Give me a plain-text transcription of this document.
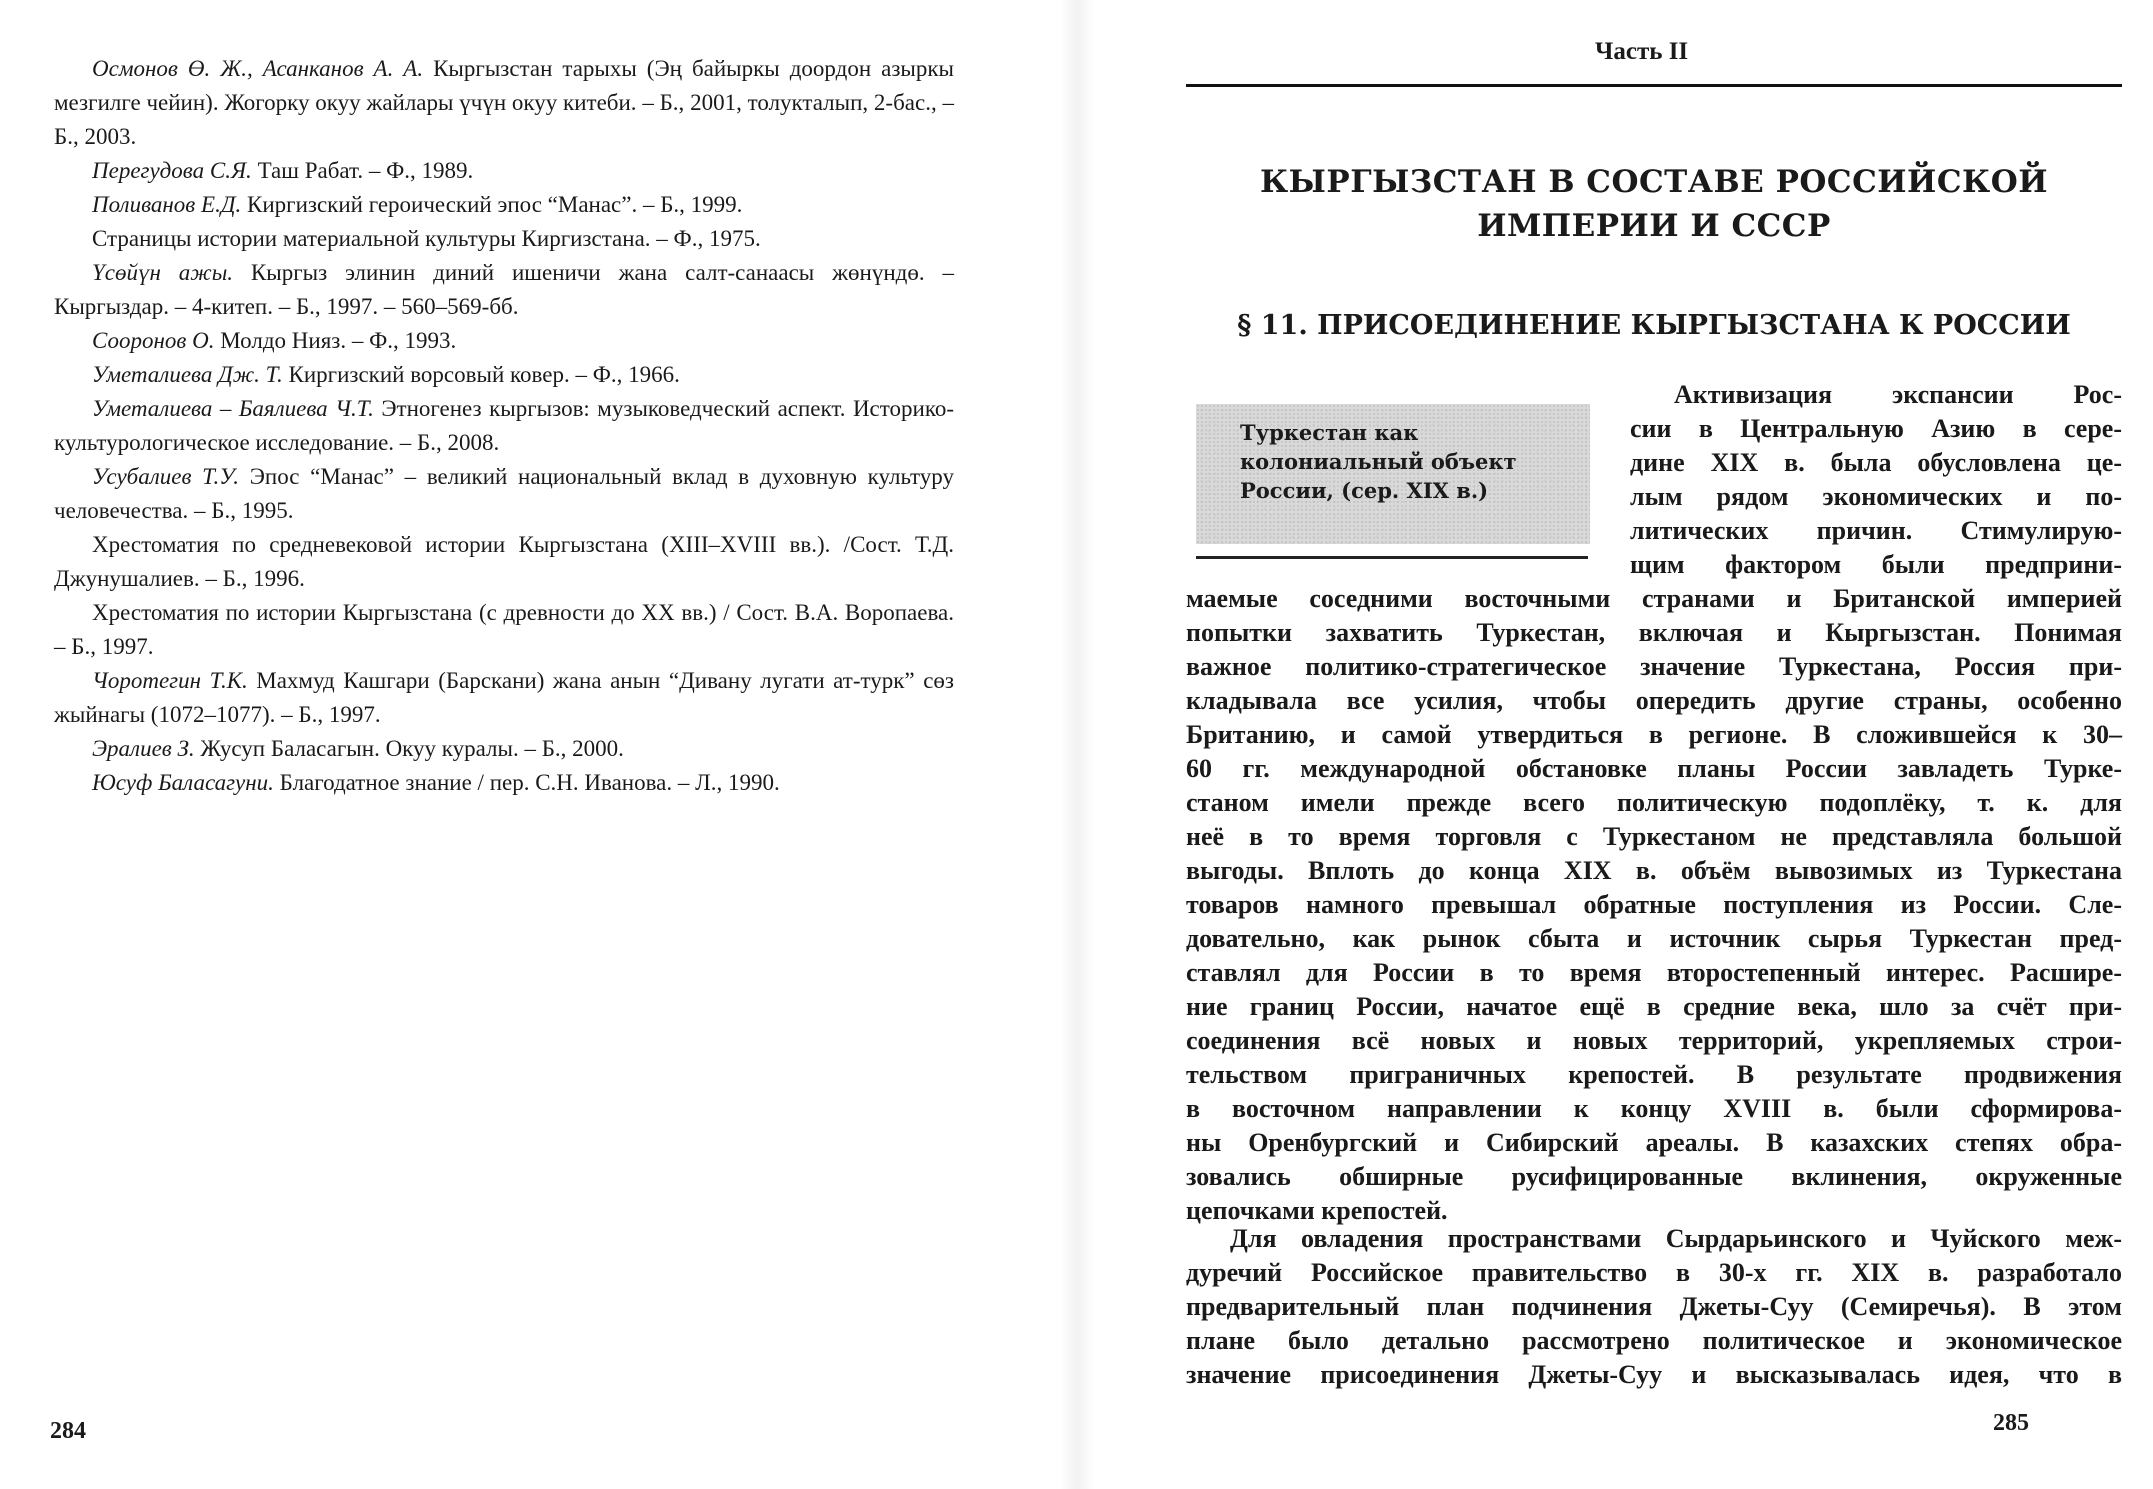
Осмонов Ө. Ж., Асанканов А. А. Кыргызстан тарыхы (Эң байыркы доордон азыркы мезгилге чейин). Жогорку окуу жайлары үчүн окуу китеби. – Б., 2001, толукталып, 2-бас., – Б., 2003.
Перегудова С.Я. Таш Рабат. – Ф., 1989.
Поливанов Е.Д. Киргизский героический эпос “Манас”. – Б., 1999.
Страницы истории материальной культуры Киргизстана. – Ф., 1975.
Үсөйүн ажы. Кыргыз элинин диний ишеничи жана салт-санаасы жөнүндө. – Кыргыздар. – 4-китеп. – Б., 1997. – 560–569-бб.
Сооронов О. Молдо Нияз. – Ф., 1993.
Уметалиева Дж. Т. Киргизский ворсовый ковер. – Ф., 1966.
Уметалиева – Баялиева Ч.Т. Этногенез кыргызов: музыковедческий аспект. Историко-культурологическое исследование. – Б., 2008.
Усубалиев Т.У. Эпос “Манас” – великий национальный вклад в духовную культуру человечества. – Б., 1995.
Хрестоматия по средневековой истории Кыргызстана (XIII–XVIII вв.). /Сост. Т.Д. Джунушалиев. – Б., 1996.
Хрестоматия по истории Кыргызстана (с древности до XX вв.) / Сост. В.А. Воропаева. – Б., 1997.
Чоротегин Т.К. Махмуд Кашгари (Барскани) жана анын “Дивану лугати ат-турк” сөз жыйнагы (1072–1077). – Б., 1997.
Эралиев З. Жусуп Баласагын. Окуу куралы. – Б., 2000.
Юсуф Баласагуни. Благодатное знание / пер. С.Н. Иванова. – Л., 1990.
284
Часть II
КЫРГЫЗСТАН В СОСТАВЕ РОССИЙСКОЙ
ИМПЕРИИ И СССР
§ 11. ПРИСОЕДИНЕНИЕ КЫРГЫЗСТАНА К РОССИИ
Туркестан как колониальный объект России, (сер. XIX в.)
Активизация экспансии Рос-
сии в Центральную Азию в сере-
дине XIX в. была обусловлена це-
лым рядом экономических и по-
литических причин. Стимулирую-
щим фактором были предприни-
маемые соседними восточными странами и Британской империей
попытки захватить Туркестан, включая и Кыргызстан. Понимая
важное политико-стратегическое значение Туркестана, Россия при-
кладывала все усилия, чтобы опередить другие страны, особенно
Британию, и самой утвердиться в регионе. В сложившейся к 30–
60 гг. международной обстановке планы России завладеть Турке-
станом имели прежде всего политическую подоплёку, т. к. для
неё в то время торговля с Туркестаном не представляла большой
выгоды. Вплоть до конца XIX в. объём вывозимых из Туркестана
товаров намного превышал обратные поступления из России. Сле-
довательно, как рынок сбыта и источник сырья Туркестан пред-
ставлял для России в то время второстепенный интерес. Расшире-
ние границ России, начатое ещё в средние века, шло за счёт при-
соединения всё новых и новых территорий, укрепляемых строи-
тельством приграничных крепостей. В результате продвижения
в восточном направлении к концу XVIII в. были сформирова-
ны Оренбургский и Сибирский ареалы. В казахских степях обра-
зовались обширные русифицированные вклинения, окруженные
цепочками крепостей.
Для овладения пространствами Сырдарьинского и Чуйского меж-
дуречий Российское правительство в 30-х гг. XIX в. разработало
предварительный план подчинения Джеты-Суу (Семиречья). В этом
плане было детально рассмотрено политическое и экономическое
значение присоединения Джеты-Суу и высказывалась идея, что в
285
